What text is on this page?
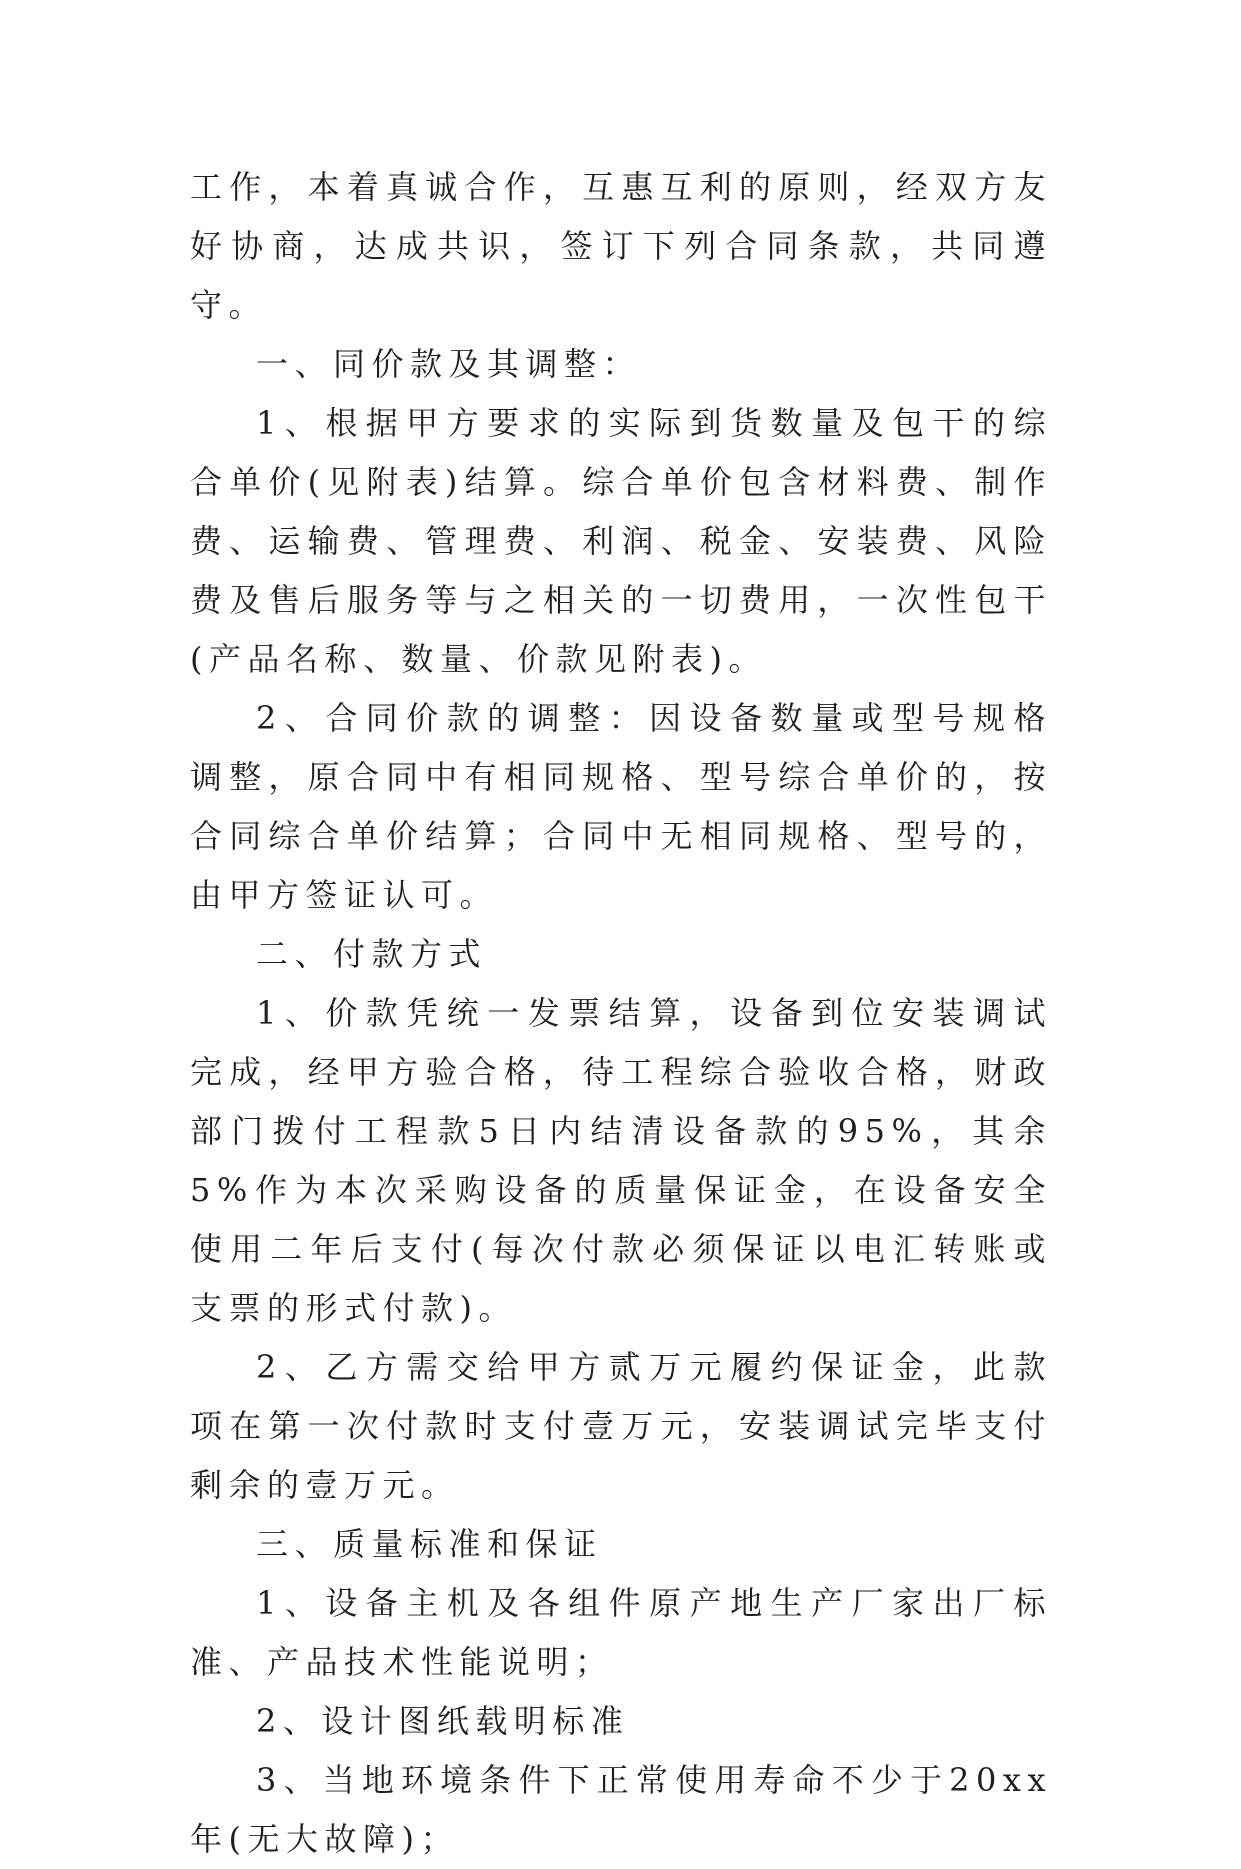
工作，本着真诚合作，互惠互利的原则，经双方友好协商，达成共识，签订下列合同条款，共同遵守。

一、同价款及其调整：

1、根据甲方要求的实际到货数量及包干的综合单价(见附表)结算。综合单价包含材料费、制作费、运输费、管理费、利润、税金、安装费、风险费及售后服务等与之相关的一切费用，一次性包干(产品名称、数量、价款见附表)。

2、合同价款的调整：因设备数量或型号规格调整，原合同中有相同规格、型号综合单价的，按合同综合单价结算；合同中无相同规格、型号的，由甲方签证认可。

二、付款方式

1、价款凭统一发票结算，设备到位安装调试完成，经甲方验合格，待工程综合验收合格，财政部门拨付工程款5日内结清设备款的95%，其余5%作为本次采购设备的质量保证金，在设备安全使用二年后支付(每次付款必须保证以电汇转账或支票的形式付款)。

2、乙方需交给甲方贰万元履约保证金，此款项在第一次付款时支付壹万元，安装调试完毕支付剩余的壹万元。

三、质量标准和保证

1、设备主机及各组件原产地生产厂家出厂标准、产品技术性能说明；

2、设计图纸载明标准

3、当地环境条件下正常使用寿命不少于20xx年(无大故障)；
